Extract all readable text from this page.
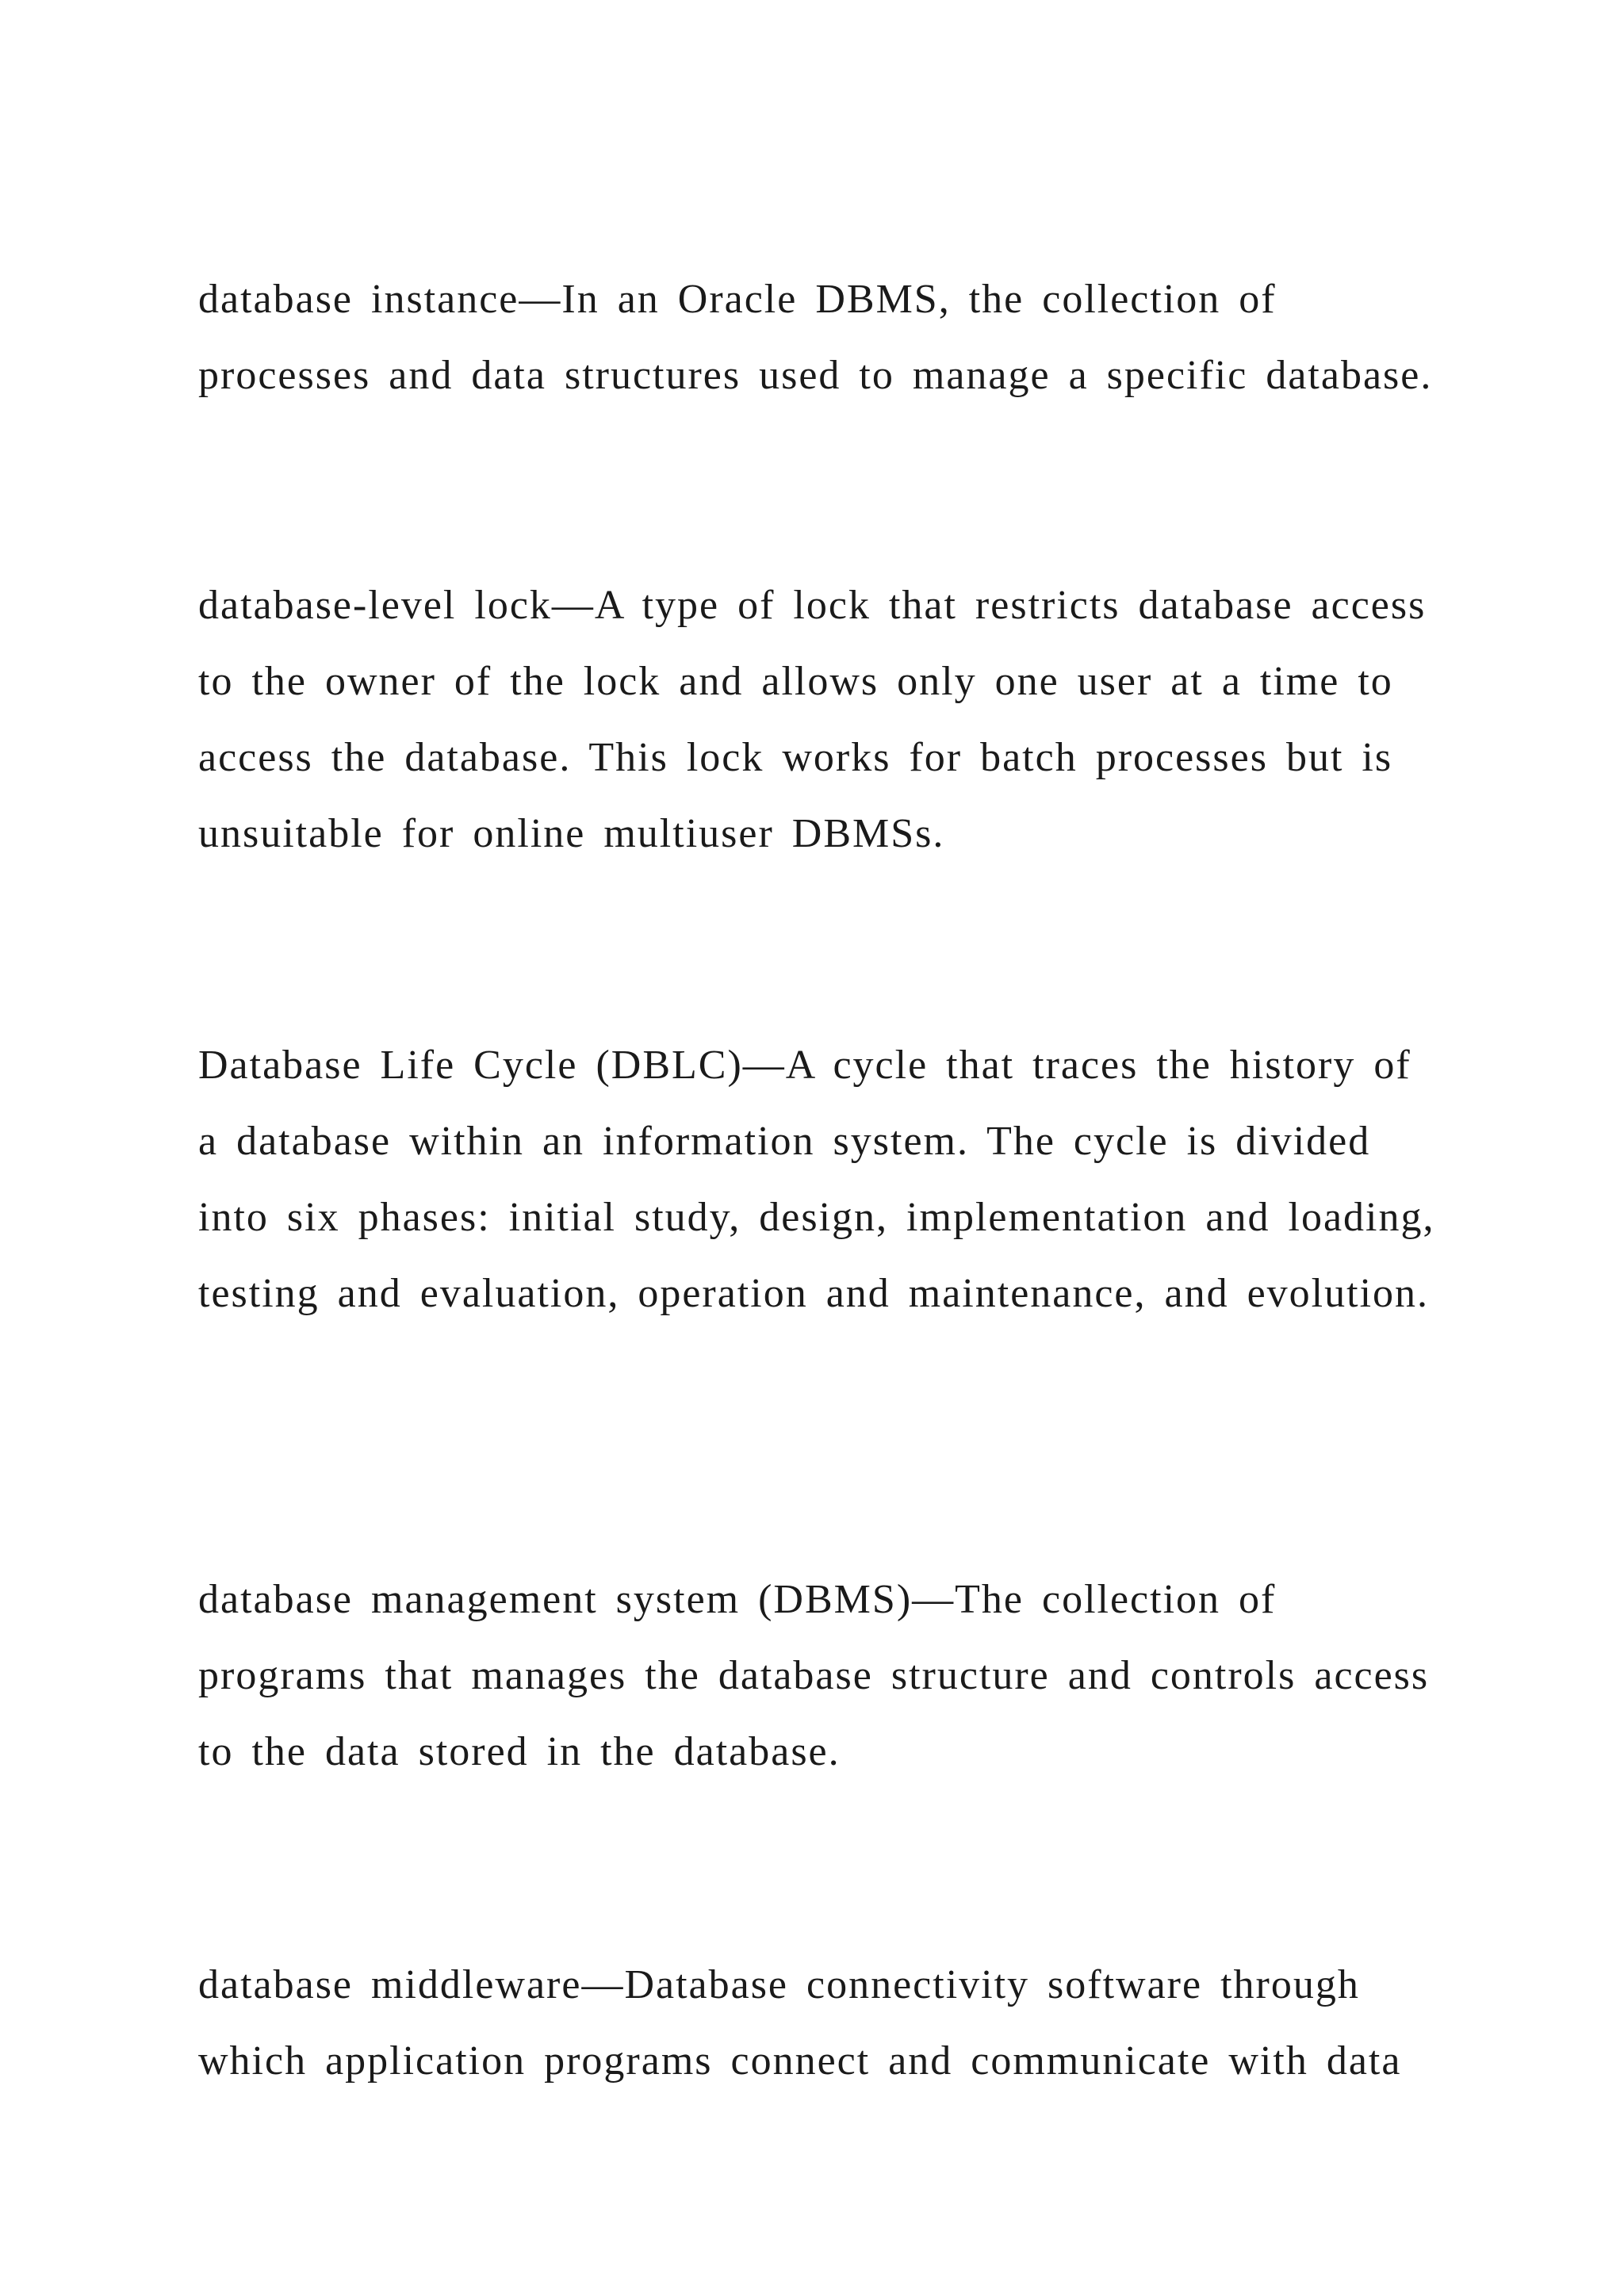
database instance—In an Oracle DBMS, the collection of processes and data structures used to manage a specific database.

database-level lock—A type of lock that restricts database access to the owner of the lock and allows only one user at a time to access the database. This lock works for batch processes but is unsuitable for online multiuser DBMSs.

Database Life Cycle (DBLC)—A cycle that traces the history of a database within an information system. The cycle is divided into six phases: initial study, design, implementation and loading, testing and evaluation, operation and maintenance, and evolution.

database management system (DBMS)—The collection of programs that manages the database structure and controls access to the data stored in the database.

database middleware—Database connectivity software through which application programs connect and communicate with data
